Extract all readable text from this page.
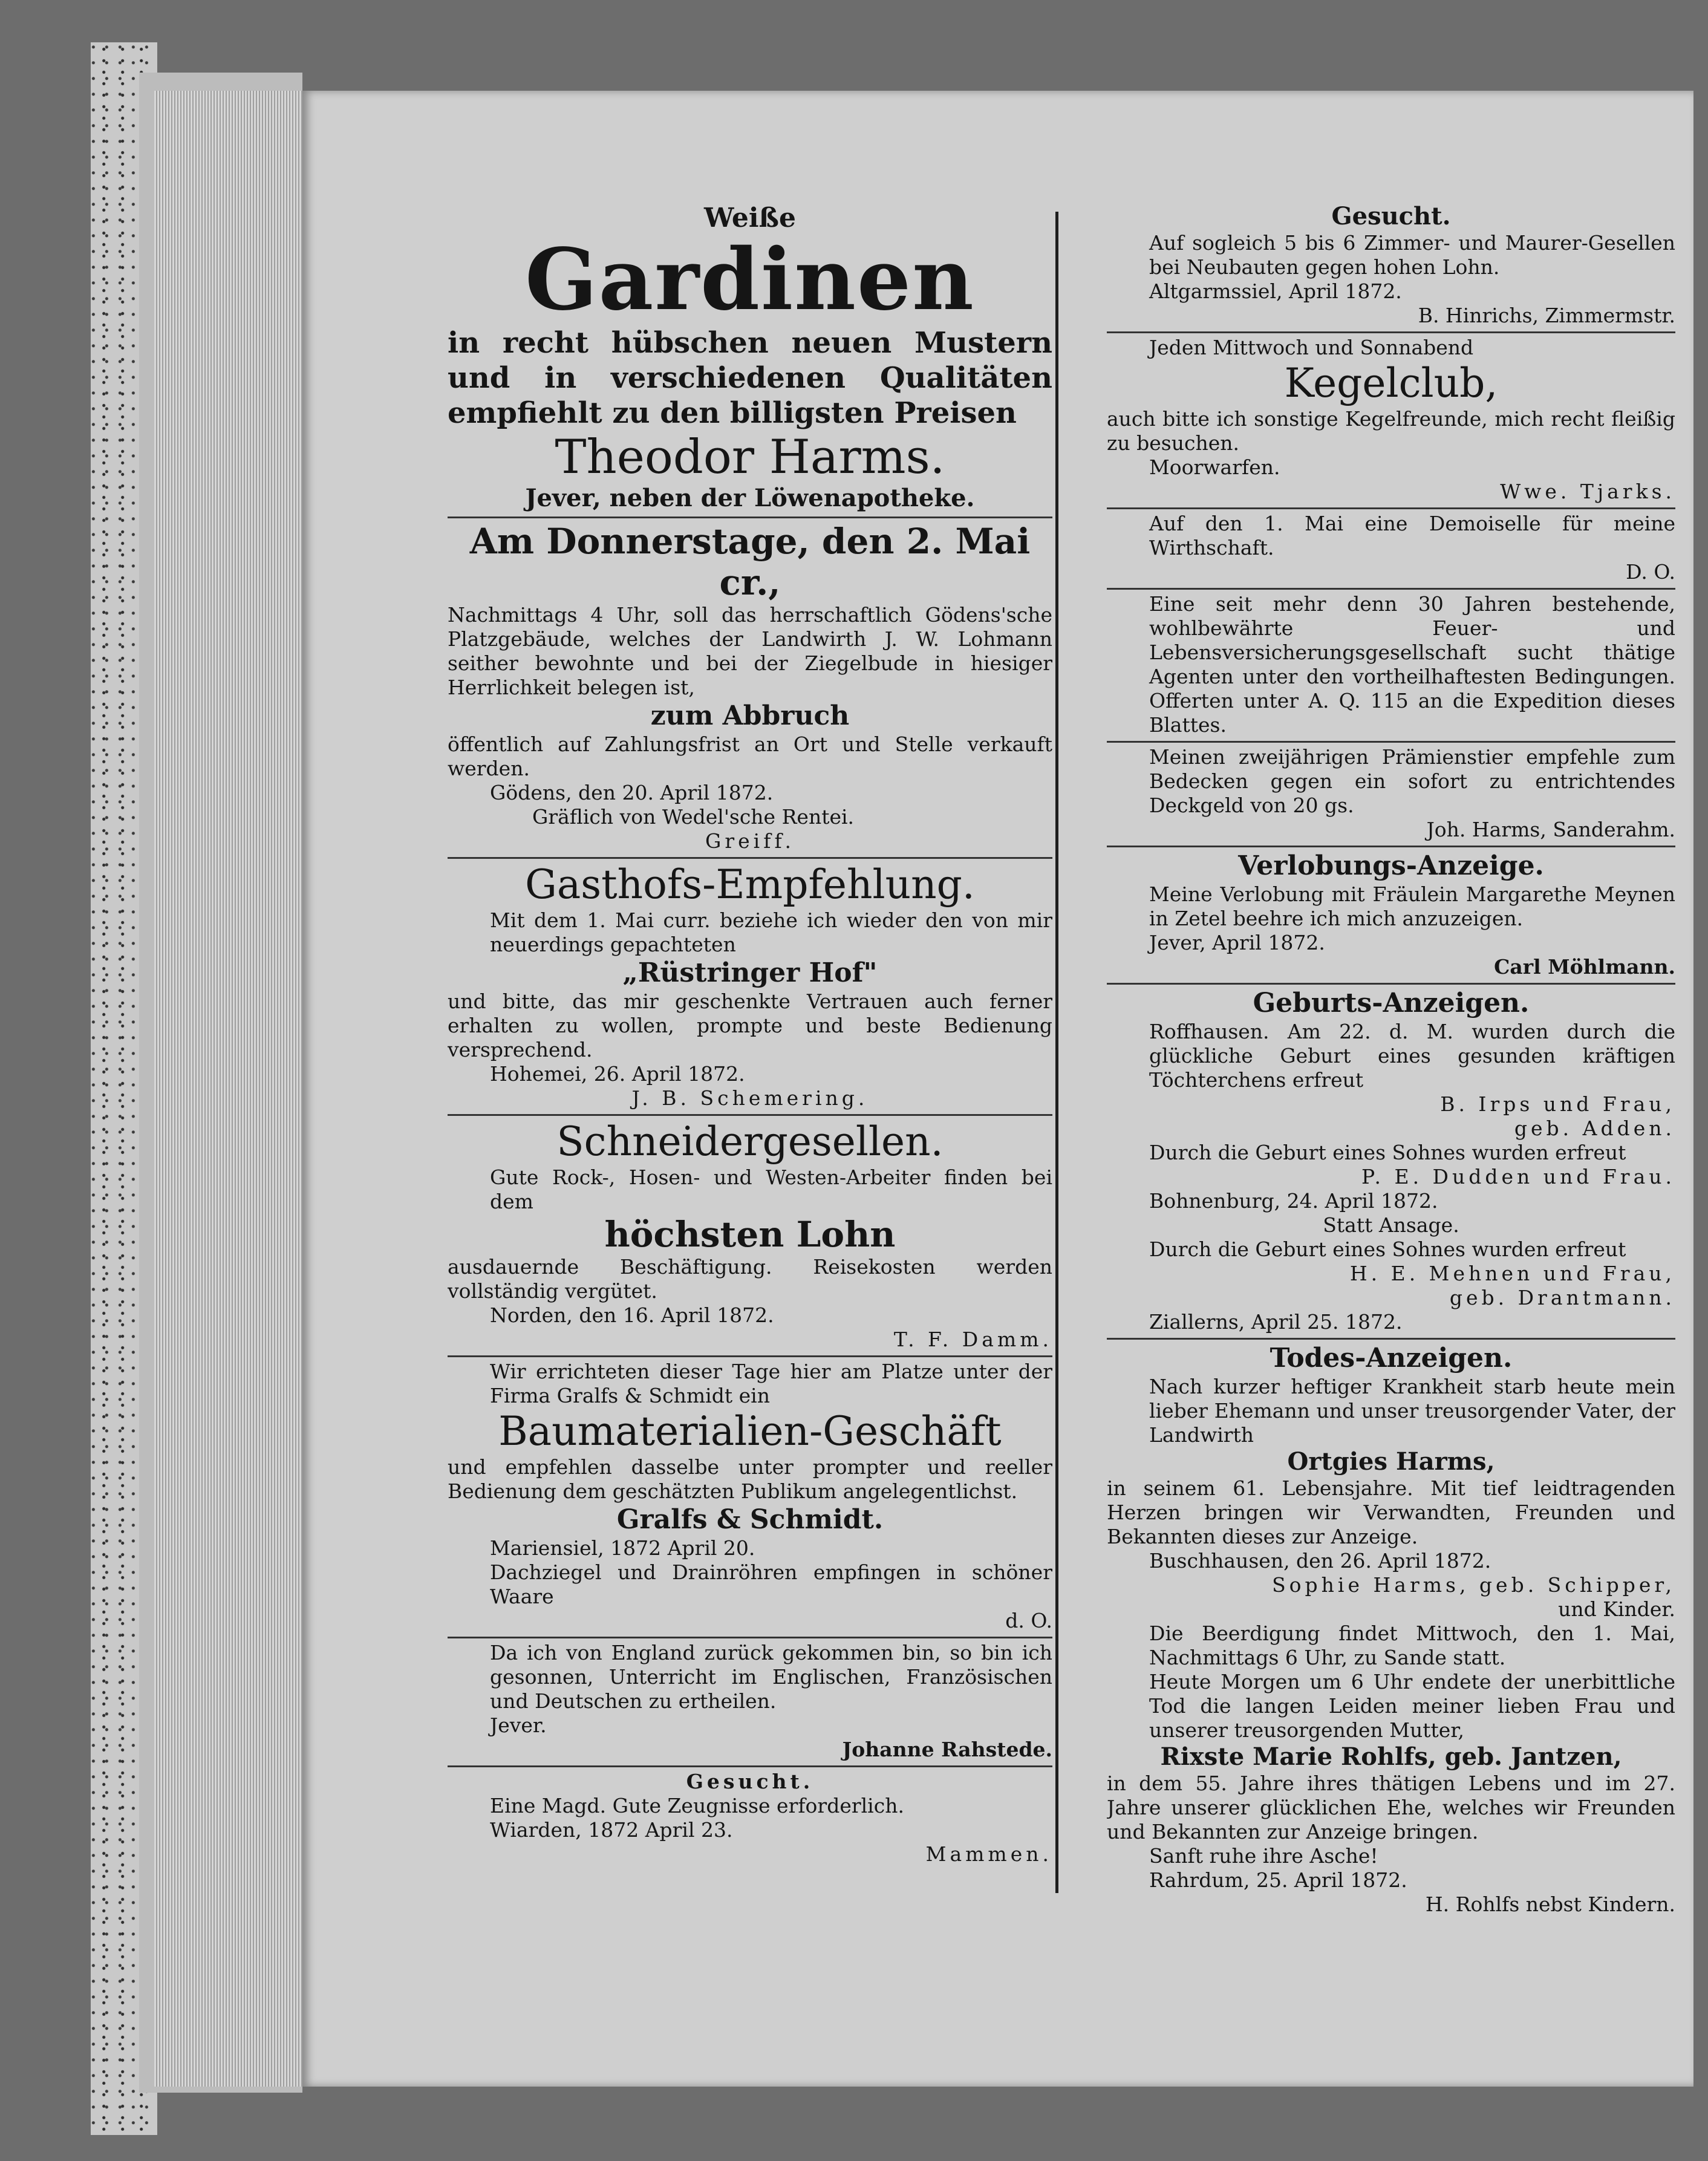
Weiße

Gardinen

in recht hübschen neuen Mustern und in verschiedenen Qualitäten empfiehlt zu den billigsten Preisen

Theodor Harms.

Jever, neben der Löwenapotheke.

Am Donnerstage, den 2. Mai cr.,

Nachmittags 4 Uhr, soll das herrschaftlich Gödens'sche Platzgebäude, welches der Landwirth J. W. Lohmann seither bewohnte und bei der Ziegelbude in hiesiger Herrlichkeit belegen ist,

zum Abbruch

öffentlich auf Zahlungsfrist an Ort und Stelle verkauft werden.

Gödens, den 20. April 1872.

Gräflich von Wedel'sche Rentei.

Greiff.

Gasthofs-Empfehlung.

Mit dem 1. Mai curr. beziehe ich wieder den von mir neuerdings gepachteten

„Rüstringer Hof"

und bitte, das mir geschenkte Vertrauen auch ferner erhalten zu wollen, prompte und beste Bedienung versprechend.

Hohemei, 26. April 1872.

J. B. Schemering.

Schneidergesellen.

Gute Rock-, Hosen- und Westen-Arbeiter finden bei dem

höchsten Lohn

ausdauernde Beschäftigung. Reisekosten werden vollständig vergütet.

Norden, den 16. April 1872.

T. F. Damm.

Wir errichteten dieser Tage hier am Platze unter der Firma Gralfs & Schmidt ein

Baumaterialien-Geschäft

und empfehlen dasselbe unter prompter und reeller Bedienung dem geschätzten Publikum angelegentlichst.

Gralfs & Schmidt.

Mariensiel, 1872 April 20.

Dachziegel und Drainröhren empfingen in schöner Waare

d. O.

Da ich von England zurück gekommen bin, so bin ich gesonnen, Unterricht im Englischen, Französischen und Deutschen zu ertheilen.

Jever.

Johanne Rahstede.

Gesucht.

Eine Magd. Gute Zeugnisse erforderlich.

Wiarden, 1872 April 23.

Mammen.

Gesucht.

Auf sogleich 5 bis 6 Zimmer- und Maurer-Gesellen bei Neubauten gegen hohen Lohn.

Altgarmssiel, April 1872.

B. Hinrichs, Zimmermstr.

Jeden Mittwoch und Sonnabend

Kegelclub,

auch bitte ich sonstige Kegelfreunde, mich recht fleißig zu besuchen.

Moorwarfen.

Wwe. Tjarks.

Auf den 1. Mai eine Demoiselle für meine Wirthschaft.

D. O.

Eine seit mehr denn 30 Jahren bestehende, wohlbewährte Feuer- und Lebensversicherungsgesellschaft sucht thätige Agenten unter den vortheilhaftesten Bedingungen. Offerten unter A. Q. 115 an die Expedition dieses Blattes.

Meinen zweijährigen Prämienstier empfehle zum Bedecken gegen ein sofort zu entrichtendes Deckgeld von 20 gs.

Joh. Harms, Sanderahm.

Verlobungs-Anzeige.

Meine Verlobung mit Fräulein Margarethe Meynen in Zetel beehre ich mich anzuzeigen.

Jever, April 1872.

Carl Möhlmann.

Geburts-Anzeigen.

Roffhausen. Am 22. d. M. wurden durch die glückliche Geburt eines gesunden kräftigen Töchterchens erfreut

B. Irps und Frau,

geb. Adden.

Durch die Geburt eines Sohnes wurden erfreut

P. E. Dudden und Frau.

Bohnenburg, 24. April 1872.

Statt Ansage.

Durch die Geburt eines Sohnes wurden erfreut

H. E. Mehnen und Frau,

geb. Drantmann.

Ziallerns, April 25. 1872.

Todes-Anzeigen.

Nach kurzer heftiger Krankheit starb heute mein lieber Ehemann und unser treusorgender Vater, der Landwirth

Ortgies Harms,

in seinem 61. Lebensjahre. Mit tief leidtragenden Herzen bringen wir Verwandten, Freunden und Bekannten dieses zur Anzeige.

Buschhausen, den 26. April 1872.

Sophie Harms, geb. Schipper,

und Kinder.

Die Beerdigung findet Mittwoch, den 1. Mai, Nachmittags 6 Uhr, zu Sande statt.

Heute Morgen um 6 Uhr endete der unerbittliche Tod die langen Leiden meiner lieben Frau und unserer treusorgenden Mutter,

Rixste Marie Rohlfs, geb. Jantzen,

in dem 55. Jahre ihres thätigen Lebens und im 27. Jahre unserer glücklichen Ehe, welches wir Freunden und Bekannten zur Anzeige bringen.

Sanft ruhe ihre Asche!

Rahrdum, 25. April 1872.

H. Rohlfs nebst Kindern.
